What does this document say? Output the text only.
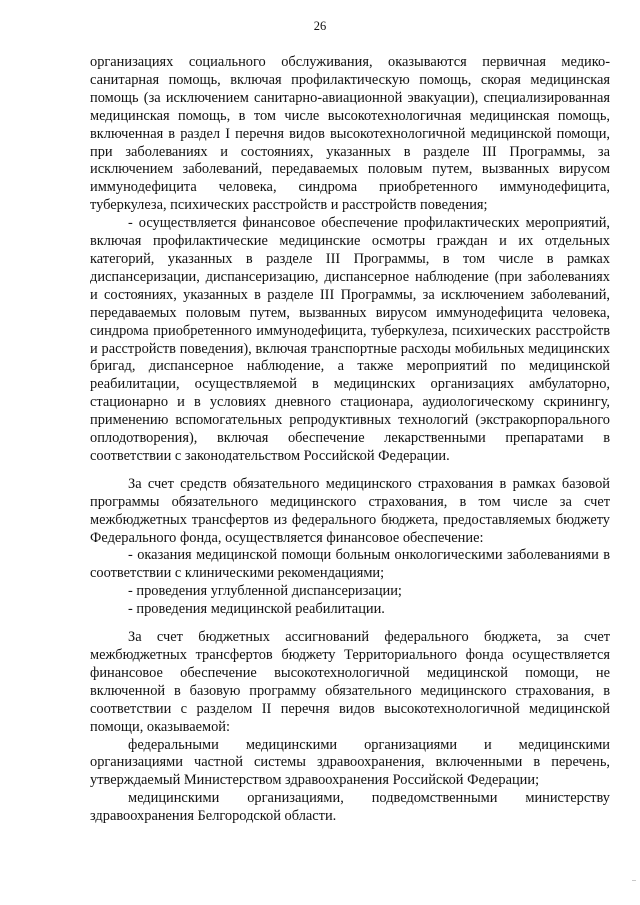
26

организациях социального обслуживания, оказываются первичная медико-санитарная помощь, включая профилактическую помощь, скорая медицинская помощь (за исключением санитарно-авиационной эвакуации), специализированная медицинская помощь, в том числе высокотехнологичная медицинская помощь, включенная в раздел I перечня видов высокотехнологичной медицинской помощи, при заболеваниях и состояниях, указанных в разделе III Программы, за исключением заболеваний, передаваемых половым путем, вызванных вирусом иммунодефицита человека, синдрома приобретенного иммунодефицита, туберкулеза, психических расстройств и расстройств поведения;

- осуществляется финансовое обеспечение профилактических мероприятий, включая профилактические медицинские осмотры граждан и их отдельных категорий, указанных в разделе III Программы, в том числе в рамках диспансеризации, диспансеризацию, диспансерное наблюдение (при заболеваниях и состояниях, указанных в разделе III Программы, за исключением заболеваний, передаваемых половым путем, вызванных вирусом иммунодефицита человека, синдрома приобретенного иммунодефицита, туберкулеза, психических расстройств и расстройств поведения), включая транспортные расходы мобильных медицинских бригад, диспансерное наблюдение, а также мероприятий по медицинской реабилитации, осуществляемой в медицинских организациях амбулаторно, стационарно и в условиях дневного стационара, аудиологическому скринингу, применению вспомогательных репродуктивных технологий (экстракорпорального оплодотворения), включая обеспечение лекарственными препаратами в соответствии с законодательством Российской Федерации.

За счет средств обязательного медицинского страхования в рамках базовой программы обязательного медицинского страхования, в том числе за счет межбюджетных трансфертов из федерального бюджета, предоставляемых бюджету Федерального фонда, осуществляется финансовое обеспечение:

- оказания медицинской помощи больным онкологическими заболеваниями в соответствии с клиническими рекомендациями;

- проведения углубленной диспансеризации;

- проведения медицинской реабилитации.

За счет бюджетных ассигнований федерального бюджета, за счет межбюджетных трансфертов бюджету Территориального фонда осуществляется финансовое обеспечение высокотехнологичной медицинской помощи, не включенной в базовую программу обязательного медицинского страхования, в соответствии с разделом II перечня видов высокотехнологичной медицинской помощи, оказываемой:

федеральными медицинскими организациями и медицинскими организациями частной системы здравоохранения, включенными в перечень, утверждаемый Министерством здравоохранения Российской Федерации;

медицинскими организациями, подведомственными министерству здравоохранения Белгородской области.
